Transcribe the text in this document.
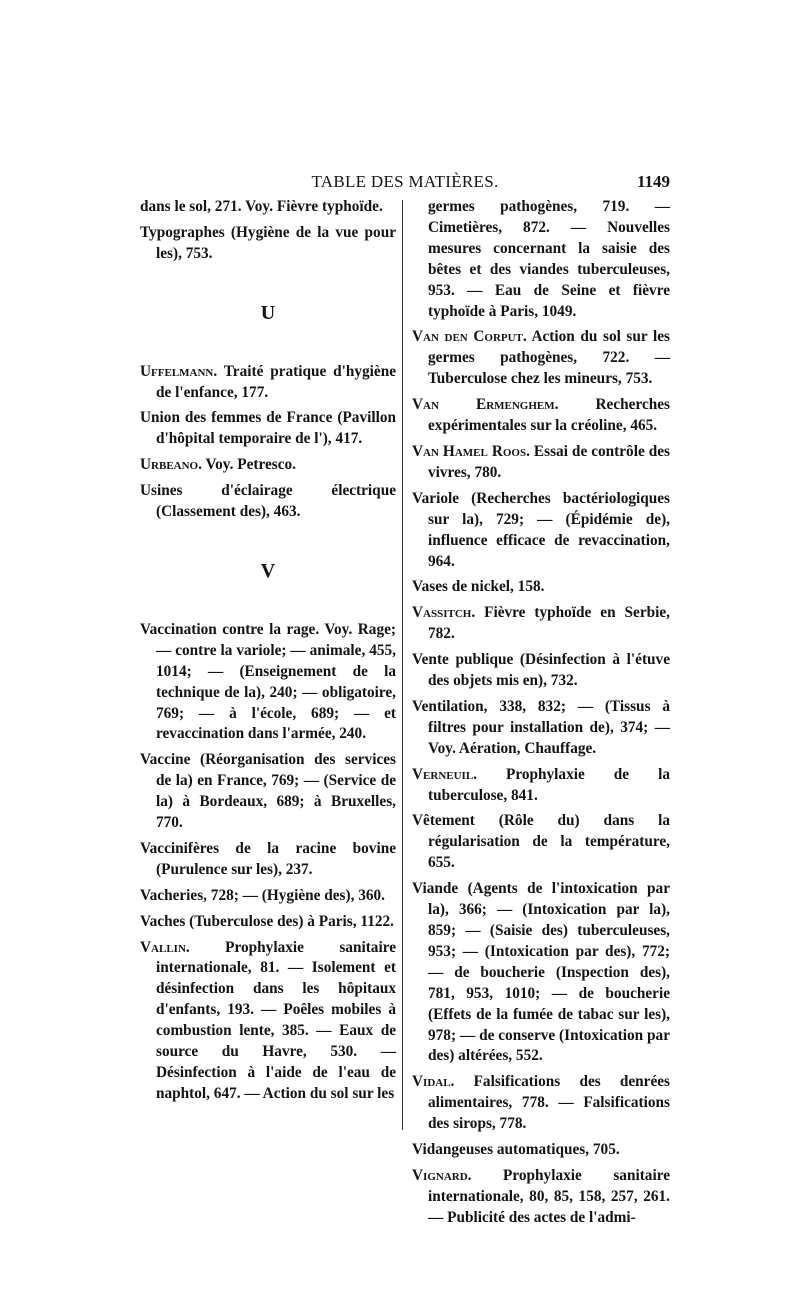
TABLE DES MATIÈRES.	1149

dans le sol, 271. Voy. Fièvre typhoïde.

Typographes (Hygiène de la vue pour les), 753.

U

Uffelmann. Traité pratique d'hygiène de l'enfance, 177.

Union des femmes de France (Pavillon d'hôpital temporaire de l'), 417.

Urbeano. Voy. Petresco.

Usines d'éclairage électrique (Classement des), 463.

V

Vaccination contre la rage. Voy. Rage; — contre la variole; — animale, 455, 1014; — (Enseignement de la technique de la), 240; — obligatoire, 769; — à l'école, 689; — et revaccination dans l'armée, 240.

Vaccine (Réorganisation des services de la) en France, 769; — (Service de la) à Bordeaux, 689; à Bruxelles, 770.

Vaccinifères de la racine bovine (Purulence sur les), 237.

Vacheries, 728; — (Hygiène des), 360.

Vaches (Tuberculose des) à Paris, 1122.

Vallin. Prophylaxie sanitaire internationale, 81. — Isolement et désinfection dans les hôpitaux d'enfants, 193. — Poêles mobiles à combustion lente, 385. — Eaux de source du Havre, 530. — Désinfection à l'aide de l'eau de naphtol, 647. — Action du sol sur les

germes pathogènes, 719. — Cimetières, 872. — Nouvelles mesures concernant la saisie des bêtes et des viandes tuberculeuses, 953. — Eau de Seine et fièvre typhoïde à Paris, 1049.

Van den Corput. Action du sol sur les germes pathogènes, 722. — Tuberculose chez les mineurs, 753.

Van Ermenghem. Recherches expérimentales sur la créoline, 465.

Van Hamel Roos. Essai de contrôle des vivres, 780.

Variole (Recherches bactériologiques sur la), 729; — (Épidémie de), influence efficace de revaccination, 964.

Vases de nickel, 158.

Vassitch. Fièvre typhoïde en Serbie, 782.

Vente publique (Désinfection à l'étuve des objets mis en), 732.

Ventilation, 338, 832; — (Tissus à filtres pour installation de), 374; — Voy. Aération, Chauffage.

Verneuil. Prophylaxie de la tuberculose, 841.

Vêtement (Rôle du) dans la régularisation de la température, 655.

Viande (Agents de l'intoxication par la), 366; — (Intoxication par la), 859; — (Saisie des) tuberculeuses, 953; — (Intoxication par des), 772; — de boucherie (Inspection des), 781, 953, 1010; — de boucherie (Effets de la fumée de tabac sur les), 978; — de conserve (Intoxication par des) altérées, 552.

Vidal. Falsifications des denrées alimentaires, 778. — Falsifications des sirops, 778.

Vidangeuses automatiques, 705.

Vignard. Prophylaxie sanitaire internationale, 80, 85, 158, 257, 261. — Publicité des actes de l'admi-
